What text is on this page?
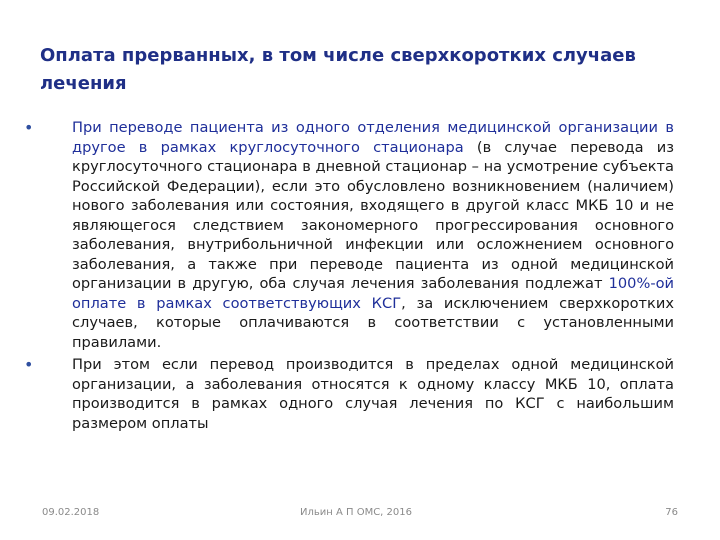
Оплата прерванных, в том числе сверхкоротких случаев лечения
•	При переводе пациента из одного отделения медицинской организации в другое в рамках круглосуточного стационара (в случае перевода из круглосуточного стационара в дневной стационар – на усмотрение субъекта Российской Федерации), если это обусловлено возникновением (наличием) нового заболевания или состояния, входящего в другой класс МКБ 10 и не являющегося следствием закономерного прогрессирования основного заболевания, внутрибольничной инфекции или осложнением основного заболевания, а также при переводе пациента из одной медицинской организации в другую, оба случая лечения заболевания подлежат 100%-ой оплате в рамках соответствующих КСГ, за исключением сверхкоротких случаев, которые оплачиваются в соответствии с установленными правилами.
•	При этом если перевод производится в пределах одной медицинской организации, а заболевания относятся к одному классу МКБ 10, оплата производится в рамках одного случая лечения по КСГ с наибольшим размером оплаты
09.02.2018	Ильин А П ОМС, 2016	76
